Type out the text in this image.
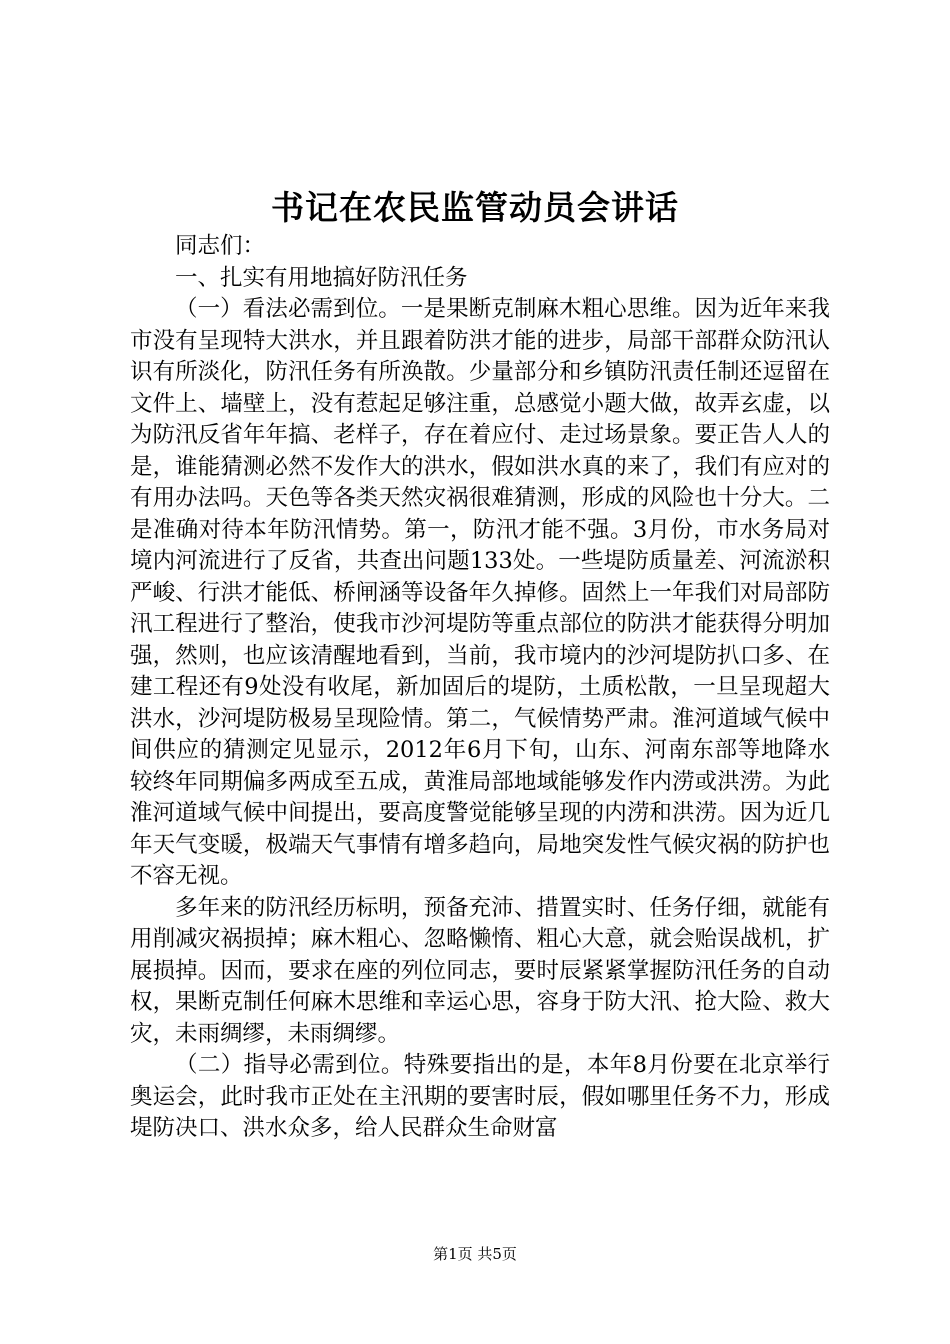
书记在农民监管动员会讲话

同志们：

一、扎实有用地搞好防汛任务

（一）看法必需到位。一是果断克制麻木粗心思维。因为近年来我市没有呈现特大洪水，并且跟着防洪才能的进步，局部干部群众防汛认识有所淡化，防汛任务有所涣散。少量部分和乡镇防汛责任制还逗留在文件上、墙壁上，没有惹起足够注重，总感觉小题大做，故弄玄虚，以为防汛反省年年搞、老样子，存在着应付、走过场景象。要正告人人的是，谁能猜测必然不发作大的洪水，假如洪水真的来了，我们有应对的有用办法吗。天色等各类天然灾祸很难猜测，形成的风险也十分大。二是准确对待本年防汛情势。第一，防汛才能不强。3月份，市水务局对境内河流进行了反省，共查出问题133处。一些堤防质量差、河流淤积严峻、行洪才能低、桥闸涵等设备年久掉修。固然上一年我们对局部防汛工程进行了整治，使我市沙河堤防等重点部位的防洪才能获得分明加强，然则，也应该清醒地看到，当前，我市境内的沙河堤防扒口多、在建工程还有9处没有收尾，新加固后的堤防，土质松散，一旦呈现超大洪水，沙河堤防极易呈现险情。第二，气候情势严肃。淮河道域气候中间供应的猜测定见显示，2012年6月下旬，山东、河南东部等地降水较终年同期偏多两成至五成，黄淮局部地域能够发作内涝或洪涝。为此淮河道域气候中间提出，要高度警觉能够呈现的内涝和洪涝。因为近几年天气变暖，极端天气事情有增多趋向，局地突发性气候灾祸的防护也不容无视。

多年来的防汛经历标明，预备充沛、措置实时、任务仔细，就能有用削减灾祸损掉；麻木粗心、忽略懒惰、粗心大意，就会贻误战机，扩展损掉。因而，要求在座的列位同志，要时辰紧紧掌握防汛任务的自动权，果断克制任何麻木思维和幸运心思，容身于防大汛、抢大险、救大灾，未雨绸缪，未雨绸缪。

（二）指导必需到位。特殊要指出的是，本年8月份要在北京举行奥运会，此时我市正处在主汛期的要害时辰，假如哪里任务不力，形成堤防决口、洪水众多，给人民群众生命财富

第1页 共5页
